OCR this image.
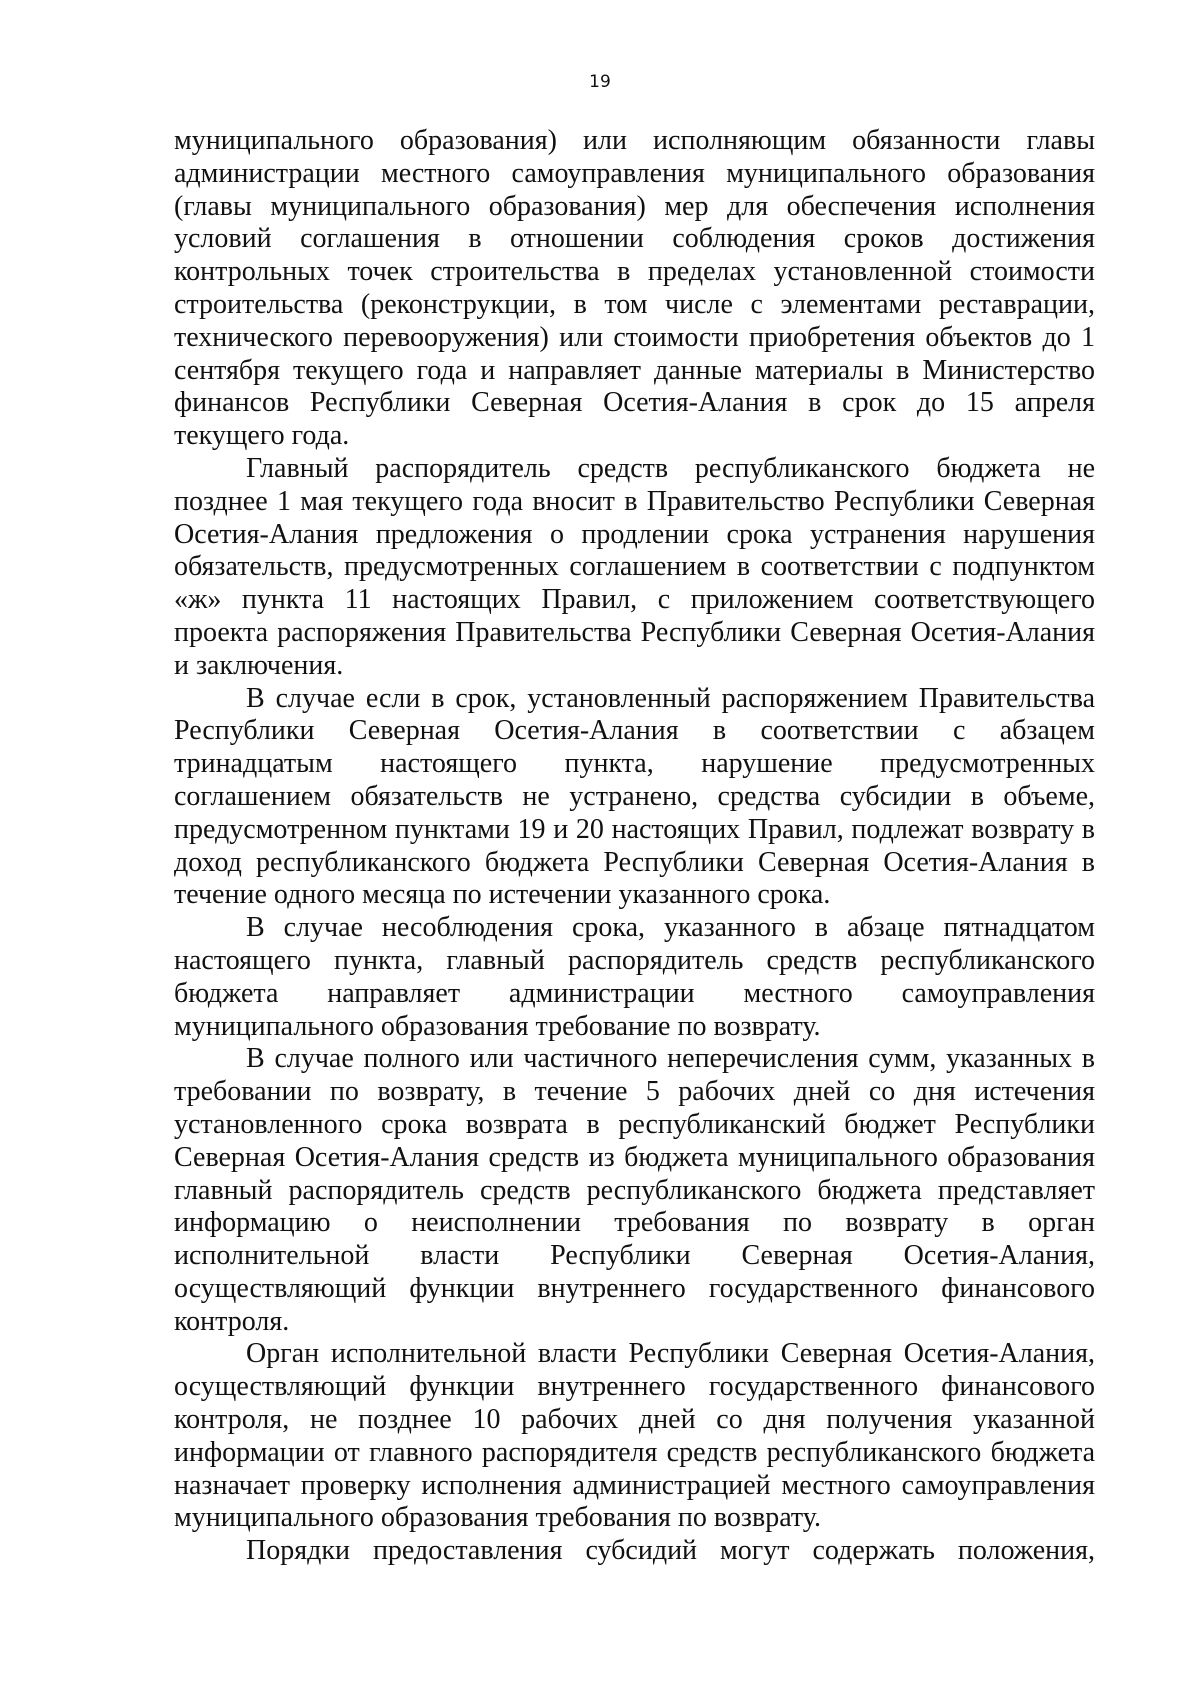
19

муниципального образования) или исполняющим обязанности главы администрации местного самоуправления муниципального образования (главы муниципального образования) мер для обеспечения исполнения условий соглашения в отношении соблюдения сроков достижения контрольных точек строительства в пределах установленной стоимости строительства (реконструкции, в том числе с элементами реставрации, технического перевооружения) или стоимости приобретения объектов до 1 сентября текущего года и направляет данные материалы в Министерство финансов Республики Северная Осетия-Алания в срок до 15 апреля текущего года.

Главный распорядитель средств республиканского бюджета не позднее 1 мая текущего года вносит в Правительство Республики Северная Осетия-Алания предложения о продлении срока устранения нарушения обязательств, предусмотренных соглашением в соответствии с подпунктом «ж» пункта 11 настоящих Правил, с приложением соответствующего проекта распоряжения Правительства Республики Северная Осетия-Алания и заключения.

В случае если в срок, установленный распоряжением Правительства Республики Северная Осетия-Алания в соответствии с абзацем тринадцатым настоящего пункта, нарушение предусмотренных соглашением обязательств не устранено, средства субсидии в объеме, предусмотренном пунктами 19 и 20 настоящих Правил, подлежат возврату в доход республиканского бюджета Республики Северная Осетия-Алания в течение одного месяца по истечении указанного срока.

В случае несоблюдения срока, указанного в абзаце пятнадцатом настоящего пункта, главный распорядитель средств республиканского бюджета направляет администрации местного самоуправления муниципального образования требование по возврату.

В случае полного или частичного неперечисления сумм, указанных в требовании по возврату, в течение 5 рабочих дней со дня истечения установленного срока возврата в республиканский бюджет Республики Северная Осетия-Алания средств из бюджета муниципального образования главный распорядитель средств республиканского бюджета представляет информацию о неисполнении требования по возврату в орган исполнительной власти Республики Северная Осетия-Алания, осуществляющий функции внутреннего государственного финансового контроля.

Орган исполнительной власти Республики Северная Осетия-Алания, осуществляющий функции внутреннего государственного финансового контроля, не позднее 10 рабочих дней со дня получения указанной информации от главного распорядителя средств республиканского бюджета назначает проверку исполнения администрацией местного самоуправления муниципального образования требования по возврату.

Порядки предоставления субсидий могут содержать положения,
